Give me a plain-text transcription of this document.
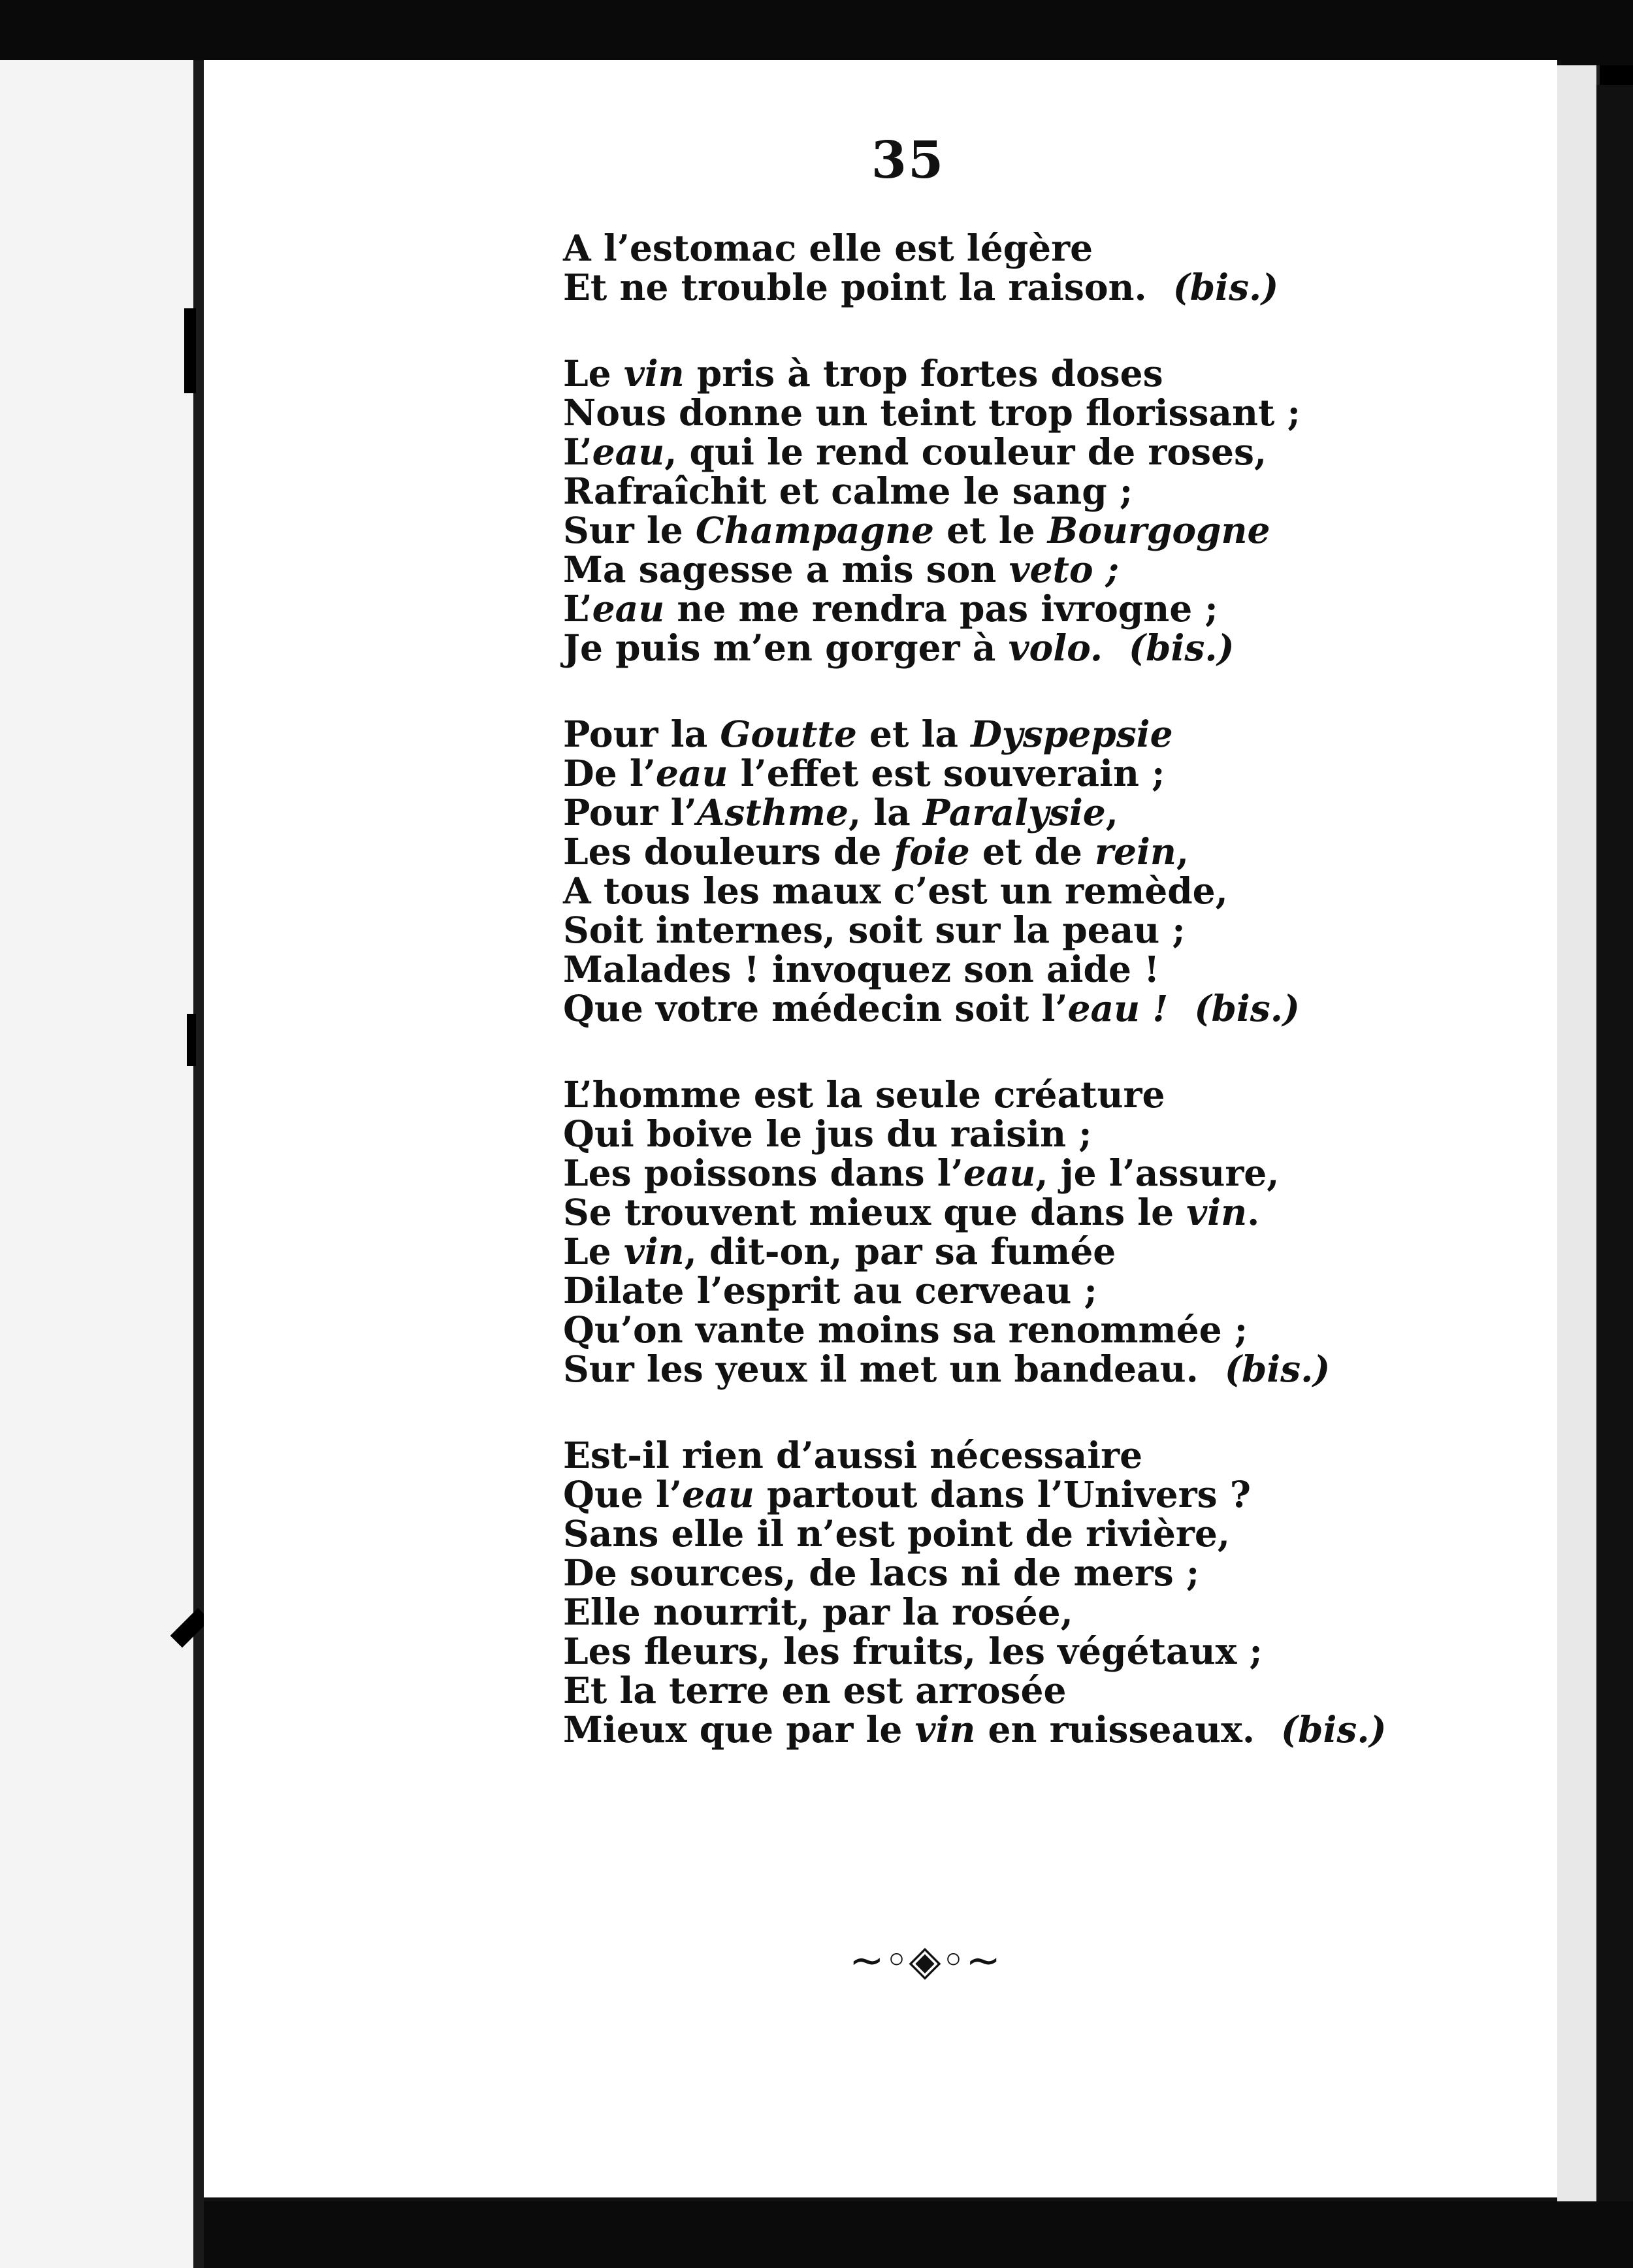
35
A l’estomac elle est légère
Et ne trouble point la raison. (bis.)
Le vin pris à trop fortes doses
Nous donne un teint trop florissant ;
L’eau, qui le rend couleur de roses,
Rafraîchit et calme le sang ;
Sur le Champagne et le Bourgogne
Ma sagesse a mis son veto ;
L’eau ne me rendra pas ivrogne ;
Je puis m’en gorger à volo. (bis.)
Pour la Goutte et la Dyspepsie
De l’eau l’effet est souverain ;
Pour l’Asthme, la Paralysie,
Les douleurs de foie et de rein,
A tous les maux c’est un remède,
Soit internes, soit sur la peau ;
Malades ! invoquez son aide !
Que votre médecin soit l’eau ! (bis.)
L’homme est la seule créature
Qui boive le jus du raisin ;
Les poissons dans l’eau, je l’assure,
Se trouvent mieux que dans le vin.
Le vin, dit-on, par sa fumée
Dilate l’esprit au cerveau ;
Qu’on vante moins sa renommée ;
Sur les yeux il met un bandeau. (bis.)
Est-il rien d’aussi nécessaire
Que l’eau partout dans l’Univers ?
Sans elle il n’est point de rivière,
De sources, de lacs ni de mers ;
Elle nourrit, par la rosée,
Les fleurs, les fruits, les végétaux ;
Et la terre en est arrosée
Mieux que par le vin en ruisseaux. (bis.)
~◦◈◦~
